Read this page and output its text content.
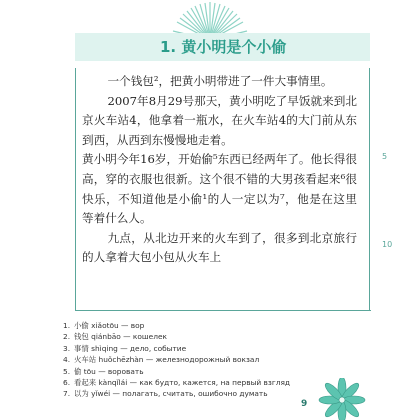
1. 黄小明是个小偷

一个钱包²，把黄小明带进了一件大事情里。

2007年8月29号那天，黄小明吃了早饭就来到北京火车站4，他拿着一瓶水，在火车站4的大门前从东到西，从西到东慢慢地走着。

黄小明今年16岁，开始偷⁵东西已经两年了。他长得很高，穿的衣服也很新。这个很不错的大男孩看起来⁶很快乐，不知道他是小偷¹的人一定以为⁷，他是在这里等着什么人。

九点，从北边开来的火车到了，很多到北京旅行的人拿着大包小包从火车上

5
10
1. 小偷 xiǎotōu — вор
2. 钱包 qiánbāo — кошелек
3. 事情 shìqing — дело, событие
4. 火车站 huǒchēzhàn — железнодорожный вокзал
5. 偷 tōu — воровать
6. 看起来 kànqǐlái — как будто, кажется, на первый взгляд
7. 以为 yǐwéi — полагать, считать, ошибочно думать
9
